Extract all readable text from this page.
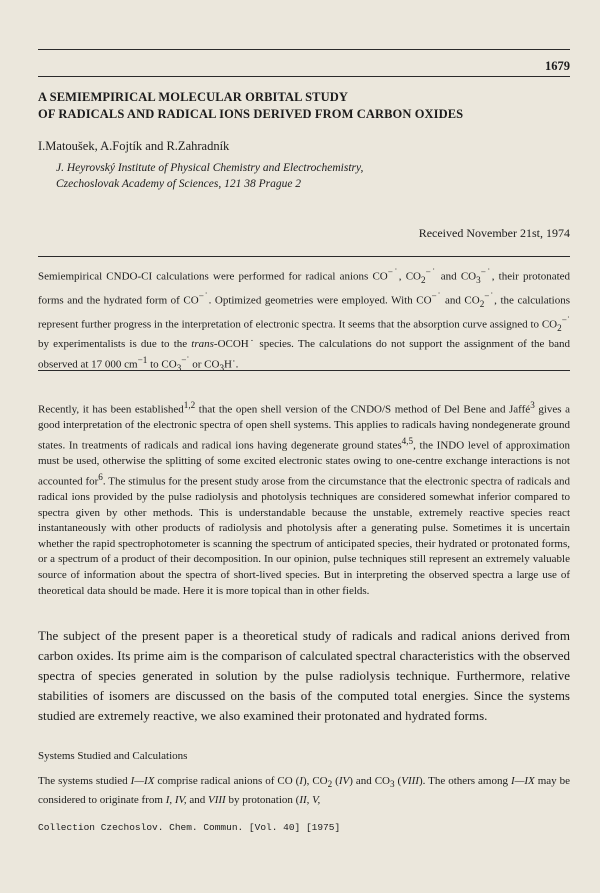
1679
A SEMIEMPIRICAL MOLECULAR ORBITAL STUDY
OF RADICALS AND RADICAL IONS DERIVED FROM CARBON OXIDES
I.Matoušek, A.Fojtík and R.Zahradník
J. Heyrovský Institute of Physical Chemistry and Electrochemistry,
Czechoslovak Academy of Sciences, 121 38 Prague 2
Received November 21st, 1974

Semiempirical CNDO-CI calculations were performed for radical anions CO−˙, $CO_2^{-˙}$ and $CO_3^{-˙}$, their protonated forms and the hydrated form of CO−˙. Optimized geometries were employed. With CO−˙ and $CO_2^{-˙}$, the calculations represent further progress in the interpretation of electronic spectra. It seems that the absorption curve assigned to $CO_2^{-˙}$ by experimentalists is due to the trans-OCOH˙ species. The calculations do not support the assignment of the band observed at 17 000 $cm^{-1}$ to $CO_3^{-˙}$ or $CO_3H˙$.

Recently, it has been established$^{1,2}$ that the open shell version of the CNDO/S method of Del Bene and Jaffé$^3$ gives a good interpretation of the electronic spectra of open shell systems. This applies to radicals having nondegenerate ground states. In treatments of radicals and radical ions having degenerate ground states$^{4,5}$, the INDO level of approximation must be used, otherwise the splitting of some excited electronic states owing to one-centre exchange interactions is not accounted for$^6$. The stimulus for the present study arose from the circumstance that the electronic spectra of radicals and radical ions provided by the pulse radiolysis and photolysis techniques are considered somewhat inferior compared to spectra given by other methods. This is understandable because the unstable, extremely reactive species react instantaneously with other products of radiolysis and photolysis after a generating pulse. Sometimes it is uncertain whether the rapid spectrophotometer is scanning the spectrum of anticipated species, their hydrated or protonated forms, or a spectrum of a product of their decomposition. In our opinion, pulse techniques still represent an extremely valuable source of information about the spectra of short-lived species. But in interpreting the observed spectra a large use of theoretical data should be made. Here it is more topical than in other fields.

The subject of the present paper is a theoretical study of radicals and radical anions derived from carbon oxides. Its prime aim is the comparison of calculated spectral characteristics with the observed spectra of species generated in solution by the pulse radiolysis technique. Furthermore, relative stabilities of isomers are discussed on the basis of the computed total energies. Since the systems studied are extremely reactive, we also examined their protonated and hydrated forms.

Systems Studied and Calculations

The systems studied I—IX comprise radical anions of CO (I), $CO_2$ (IV) and $CO_3$ (VIII). The others among I—IX may be considered to originate from I, IV, and VIII by protonation (II, V,

Collection Czechoslov. Chem. Commun. [Vol. 40] [1975]
